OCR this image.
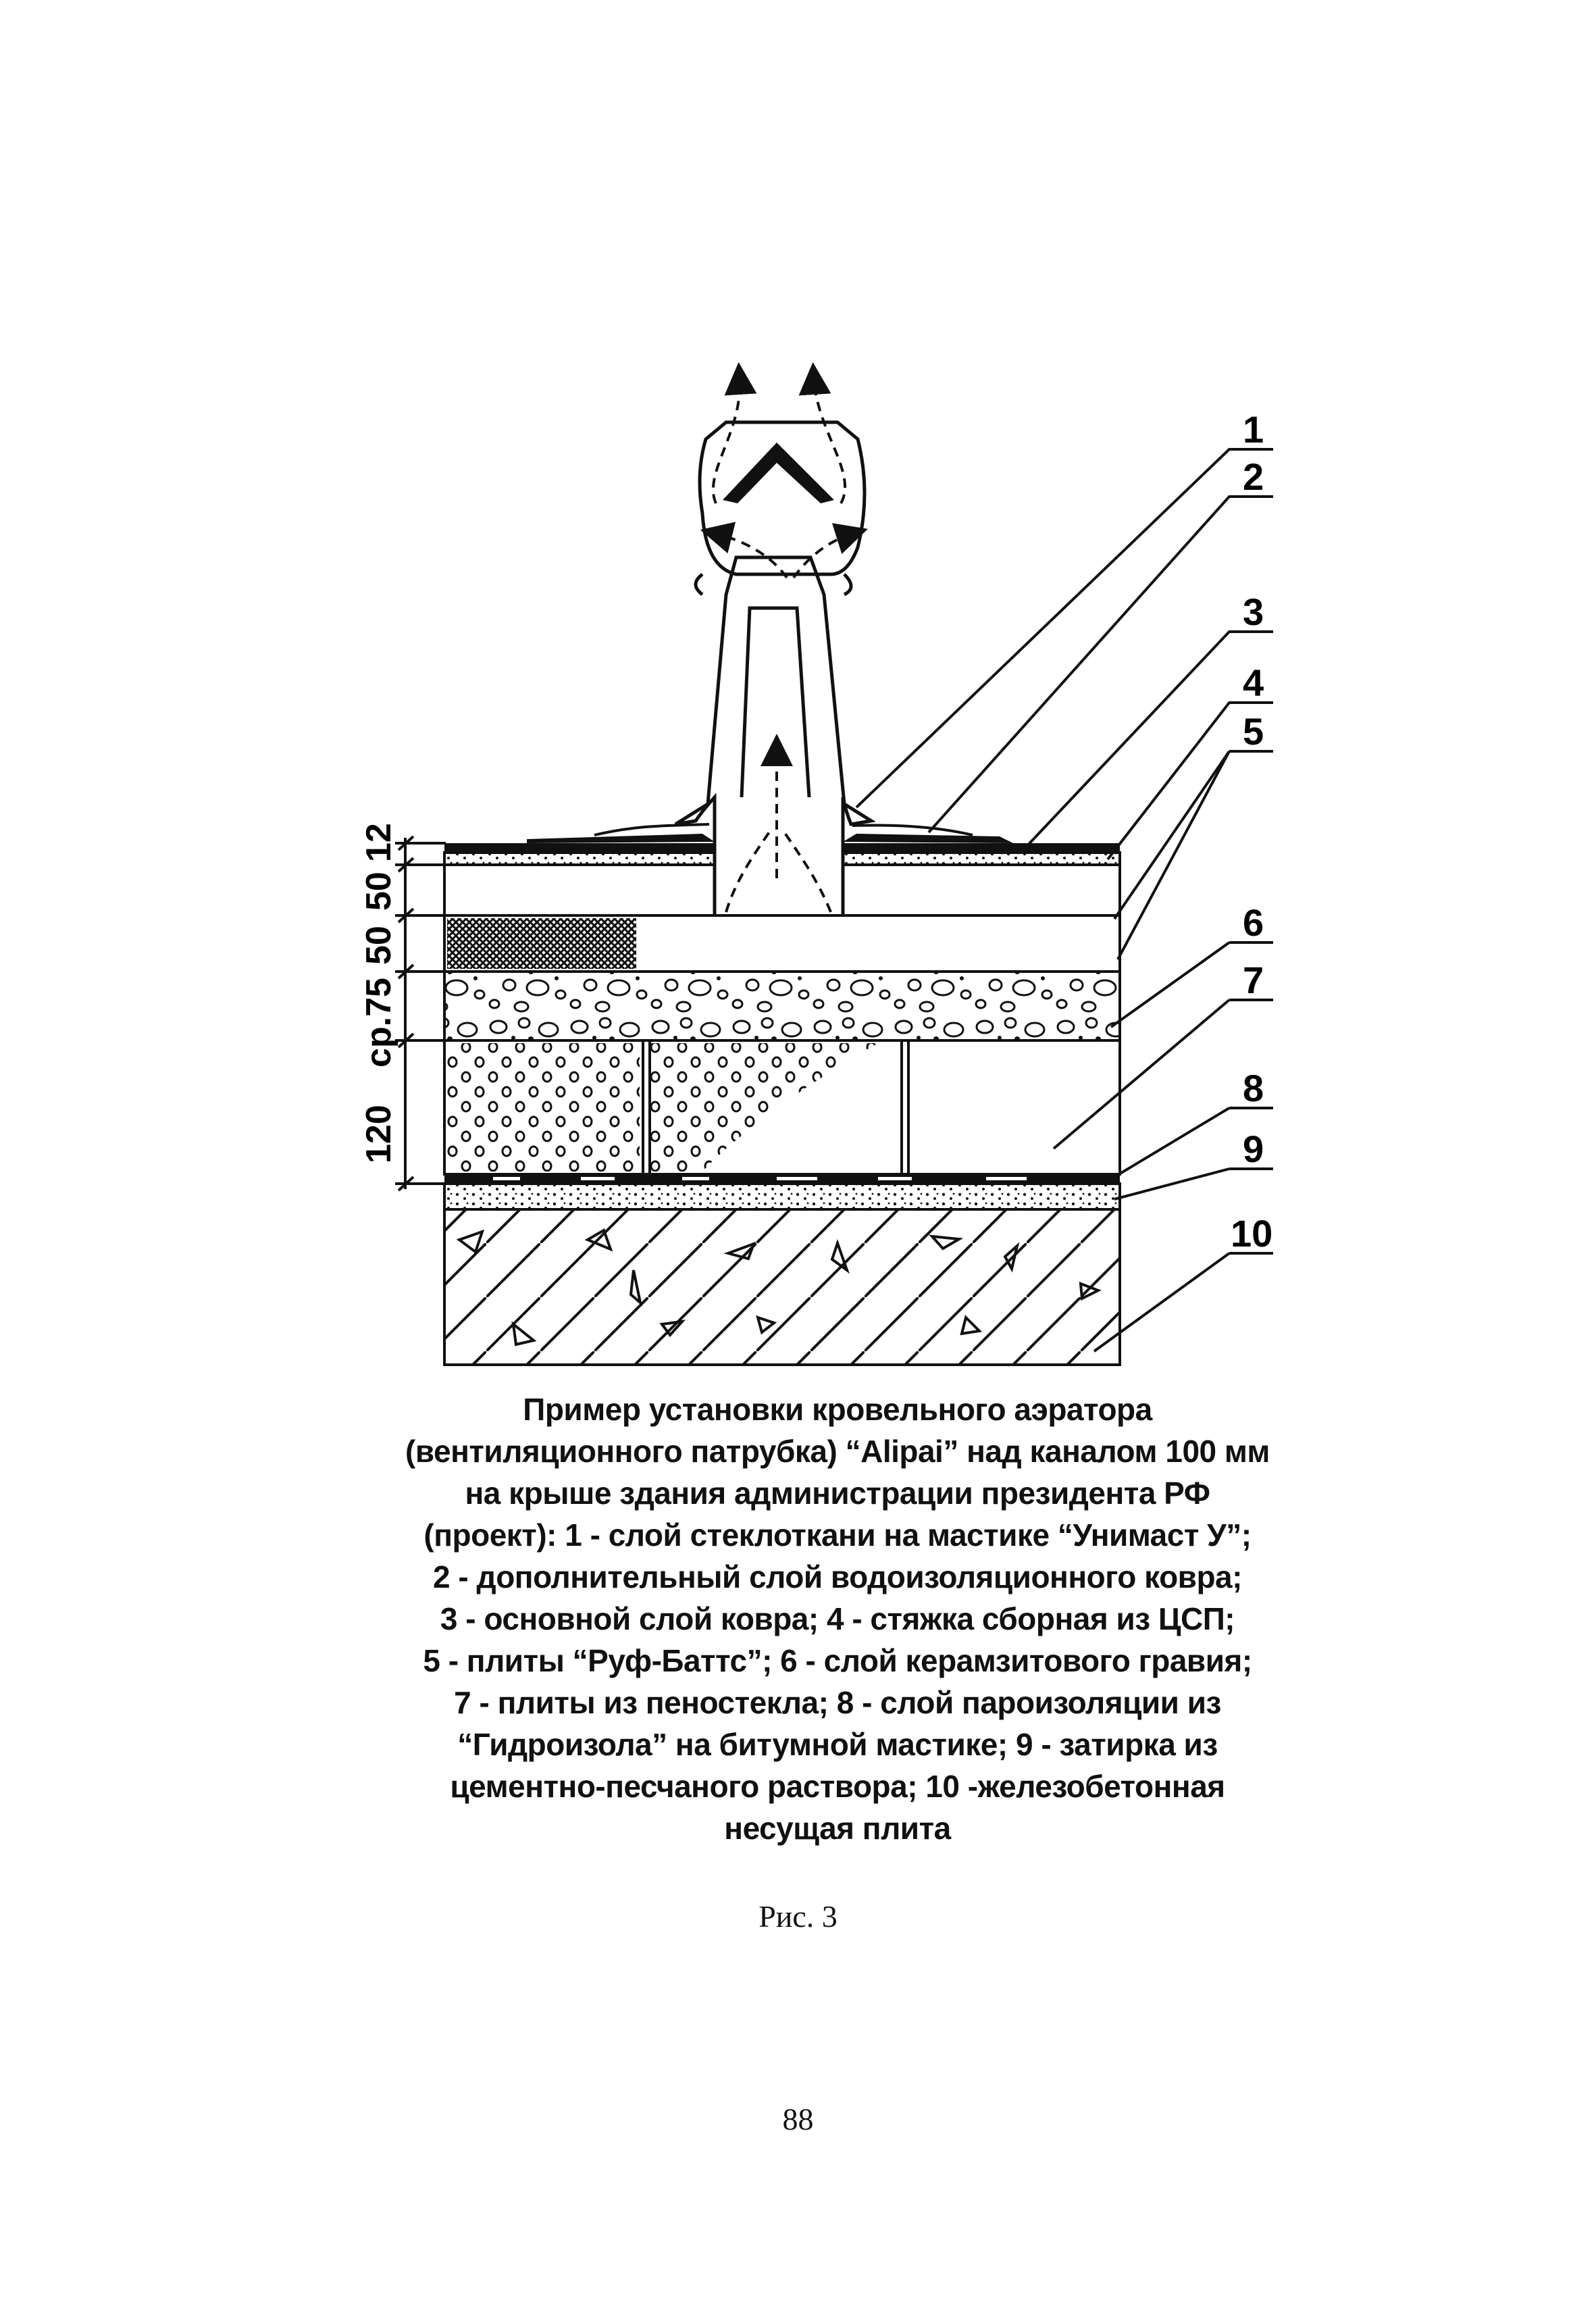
12
50
50
ср.75
120
1
2
3
4
5
6
7
8
9
10
Пример установки кровельного аэратора
(вентиляционного патрубка) “Alipai” над каналом 100 мм
на крыше здания администрации президента РФ
(проект): 1 - слой стеклоткани на мастике “Унимаст У”;
2 - дополнительный слой водоизоляционного ковра;
3 - основной слой ковра; 4 - стяжка сборная из ЦСП;
5 - плиты “Руф-Баттс”; 6 - слой керамзитового гравия;
7 - плиты из пеностекла; 8 - слой пароизоляции из
“Гидроизола” на битумной мастике; 9 - затирка из
цементно-песчаного раствора; 10 -железобетонная
несущая плита
Рис. 3
88
